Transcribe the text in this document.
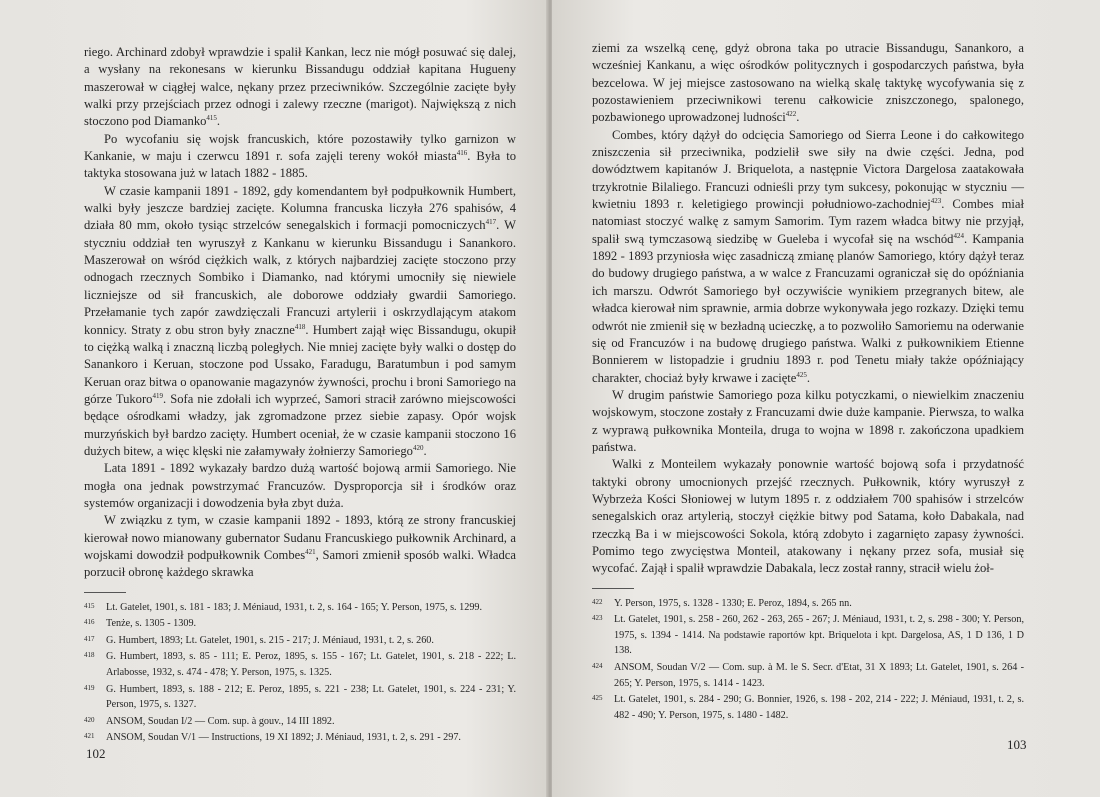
riego. Archinard zdobył wprawdzie i spalił Kankan, lecz nie mógł posuwać się dalej, a wysłany na rekonesans w kierunku Bissandugu oddział kapitana Hugueny maszerował w ciągłej walce, nękany przez przeciwników. Szczególnie zacięte były walki przy przejściach przez odnogi i zalewy rzeczne (marigot). Największą z nich stoczono pod Diamanko$^{415}$.

Po wycofaniu się wojsk francuskich, które pozostawiły tylko garnizon w Kankanie, w maju i czerwcu 1891 r. sofa zajęli tereny wokół miasta$^{416}$. Była to taktyka stosowana już w latach 1882 - 1885.

W czasie kampanii 1891 - 1892, gdy komendantem był podpułkownik Humbert, walki były jeszcze bardziej zacięte. Kolumna francuska liczyła 276 spahisów, 4 działa 80 mm, około tysiąc strzelców senegalskich i formacji pomocniczych$^{417}$. W styczniu oddział ten wyruszył z Kankanu w kierunku Bissandugu i Sanankoro. Maszerował on wśród ciężkich walk, z których najbardziej zacięte stoczono przy odnogach rzecznych Sombiko i Diamanko, nad którymi umocniły się niewiele liczniejsze od sił francuskich, ale doborowe oddziały gwardii Samoriego. Przełamanie tych zapór zawdzięczali Francuzi artylerii i oskrzydlającym atakom konnicy. Straty z obu stron były znaczne$^{418}$. Humbert zajął więc Bissandugu, okupił to ciężką walką i znaczną liczbą poległych. Nie mniej zacięte były walki o dostęp do Sanankoro i Keruan, stoczone pod Ussako, Faradugu, Baratumbun i pod samym Keruan oraz bitwa o opanowanie magazynów żywności, prochu i broni Samoriego na górze Tukoro$^{419}$. Sofa nie zdołali ich wyprzeć, Samori stracił zarówno miejscowości będące ośrodkami władzy, jak zgromadzone przez siebie zapasy. Opór wojsk murzyńskich był bardzo zacięty. Humbert oceniał, że w czasie kampanii stoczono 16 dużych bitew, a więc klęski nie załamywały żołnierzy Samoriego$^{420}$.

Lata 1891 - 1892 wykazały bardzo dużą wartość bojową armii Samoriego. Nie mogła ona jednak powstrzymać Francuzów. Dysproporcja sił i środków oraz systemów organizacji i dowodzenia była zbyt duża.

W związku z tym, w czasie kampanii 1892 - 1893, którą ze strony francuskiej kierował nowo mianowany gubernator Sudanu Francuskiego pułkownik Archinard, a wojskami dowodził podpułkownik Combes$^{421}$, Samori zmienił sposób walki. Władca porzucił obronę każdego skrawka

415 Lt. Gatelet, 1901, s. 181 - 183; J. Méniaud, 1931, t. 2, s. 164 - 165; Y. Person, 1975, s. 1299.

416 Tenże, s. 1305 - 1309.

417 G. Humbert, 1893; Lt. Gatelet, 1901, s. 215 - 217; J. Méniaud, 1931, t. 2, s. 260.

418 G. Humbert, 1893, s. 85 - 111; E. Peroz, 1895, s. 155 - 167; Lt. Gatelet, 1901, s. 218 - 222; L. Arlabosse, 1932, s. 474 - 478; Y. Person, 1975, s. 1325.

419 G. Humbert, 1893, s. 188 - 212; E. Peroz, 1895, s. 221 - 238; Lt. Gatelet, 1901, s. 224 - 231; Y. Person, 1975, s. 1327.

420 ANSOM, Soudan I/2 — Com. sup. à gouv., 14 III 1892.

421 ANSOM, Soudan V/1 — Instructions, 19 XI 1892; J. Méniaud, 1931, t. 2, s. 291 - 297.

102

ziemi za wszelką cenę, gdyż obrona taka po utracie Bissandugu, Sanankoro, a wcześniej Kankanu, a więc ośrodków politycznych i gospodarczych państwa, była bezcelowa. W jej miejsce zastosowano na wielką skalę taktykę wycofywania się z pozostawieniem przeciwnikowi terenu całkowicie zniszczonego, spalonego, pozbawionego uprowadzonej ludności$^{422}$.

Combes, który dążył do odcięcia Samoriego od Sierra Leone i do całkowitego zniszczenia sił przeciwnika, podzielił swe siły na dwie części. Jedna, pod dowództwem kapitanów J. Briquelota, a następnie Victora Dargelosa zaatakowała trzykrotnie Bilaliego. Francuzi odnieśli przy tym sukcesy, pokonując w styczniu — kwietniu 1893 r. keletigiego prowincji południowo-zachodniej$^{423}$. Combes miał natomiast stoczyć walkę z samym Samorim. Tym razem władca bitwy nie przyjął, spalił swą tymczasową siedzibę w Gueleba i wycofał się na wschód$^{424}$. Kampania 1892 - 1893 przyniosła więc zasadniczą zmianę planów Samoriego, który dążył teraz do budowy drugiego państwa, a w walce z Francuzami ograniczał się do opóźniania ich marszu. Odwrót Samoriego był oczywiście wynikiem przegranych bitew, ale władca kierował nim sprawnie, armia dobrze wykonywała jego rozkazy. Dzięki temu odwrót nie zmienił się w bezładną ucieczkę, a to pozwoliło Samoriemu na oderwanie się od Francuzów i na budowę drugiego państwa. Walki z pułkownikiem Etienne Bonnierem w listopadzie i grudniu 1893 r. pod Tenetu miały także opóźniający charakter, chociaż były krwawe i zacięte$^{425}$.

W drugim państwie Samoriego poza kilku potyczkami, o niewielkim znaczeniu wojskowym, stoczone zostały z Francuzami dwie duże kampanie. Pierwsza, to walka z wyprawą pułkownika Monteila, druga to wojna w 1898 r. zakończona upadkiem państwa.

Walki z Monteilem wykazały ponownie wartość bojową sofa i przydatność taktyki obrony umocnionych przejść rzecznych. Pułkownik, który wyruszył z Wybrzeża Kości Słoniowej w lutym 1895 r. z oddziałem 700 spahisów i strzelców senegalskich oraz artylerią, stoczył ciężkie bitwy pod Satama, koło Dabakala, nad rzeczką Ba i w miejscowości Sokola, którą zdobyto i zagarnięto zapasy żywności. Pomimo tego zwycięstwa Monteil, atakowany i nękany przez sofa, musiał się wycofać. Zajął i spalił wprawdzie Dabakala, lecz został ranny, stracił wielu żoł-

422 Y. Person, 1975, s. 1328 - 1330; E. Peroz, 1894, s. 265 nn.

423 Lt. Gatelet, 1901, s. 258 - 260, 262 - 263, 265 - 267; J. Méniaud, 1931, t. 2, s. 298 - 300; Y. Person, 1975, s. 1394 - 1414. Na podstawie raportów kpt. Briquelota i kpt. Dargelosa, AS, 1 D 136, 1 D 138.

424 ANSOM, Soudan V/2 — Com. sup. à M. le S. Secr. d'Etat, 31 X 1893; Lt. Gatelet, 1901, s. 264 - 265; Y. Person, 1975, s. 1414 - 1423.

425 Lt. Gatelet, 1901, s. 284 - 290; G. Bonnier, 1926, s. 198 - 202, 214 - 222; J. Méniaud, 1931, t. 2, s. 482 - 490; Y. Person, 1975, s. 1480 - 1482.

103
